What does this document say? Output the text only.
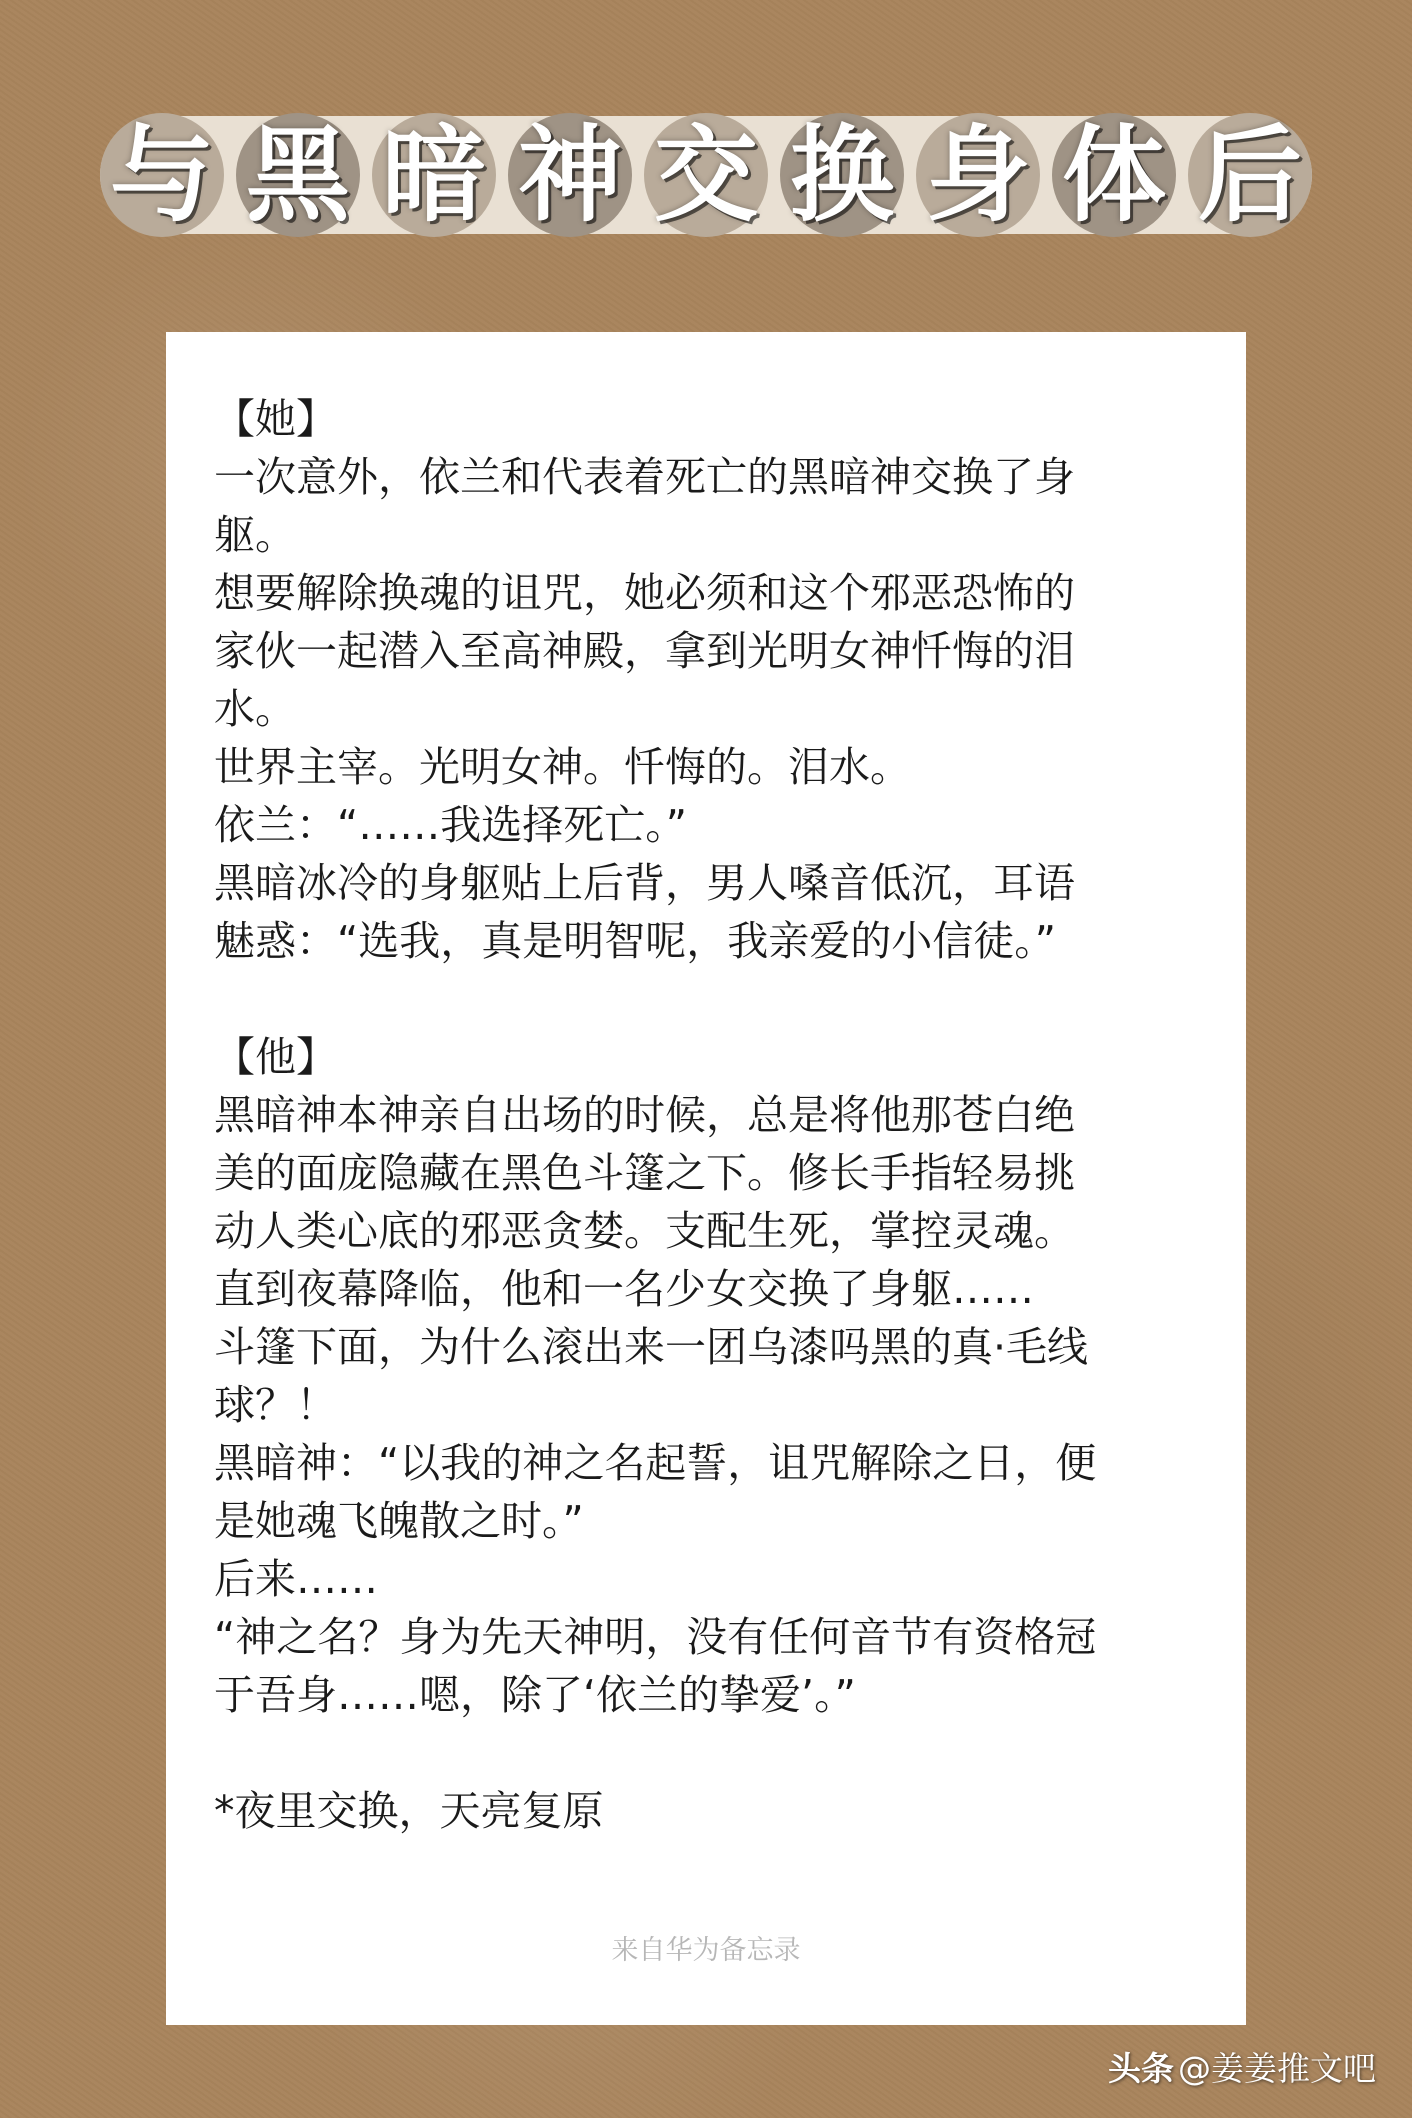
与 黑 暗 神 交 换 身 体 后
【她】
一次意外，依兰和代表着死亡的黑暗神交换了身
躯。
想要解除换魂的诅咒，她必须和这个邪恶恐怖的
家伙一起潜入至高神殿，拿到光明女神忏悔的泪
水。
世界主宰。光明女神。忏悔的。泪水。
依兰：“……我选择死亡。”
黑暗冰冷的身躯贴上后背，男人嗓音低沉，耳语
魅惑：“选我，真是明智呢，我亲爱的小信徒。”
【他】
黑暗神本神亲自出场的时候，总是将他那苍白绝
美的面庞隐藏在黑色斗篷之下。修长手指轻易挑
动人类心底的邪恶贪婪。支配生死，掌控灵魂。
直到夜幕降临，他和一名少女交换了身躯……
斗篷下面，为什么滚出来一团乌漆吗黑的真·毛线
球？！
黑暗神：“以我的神之名起誓，诅咒解除之日，便
是她魂飞魄散之时。”
后来……
“神之名？身为先天神明，没有任何音节有资格冠
于吾身……嗯，除了‘依兰的挚爱’。”
*夜里交换，天亮复原
来自华为备忘录
头条 @姜姜推文吧
